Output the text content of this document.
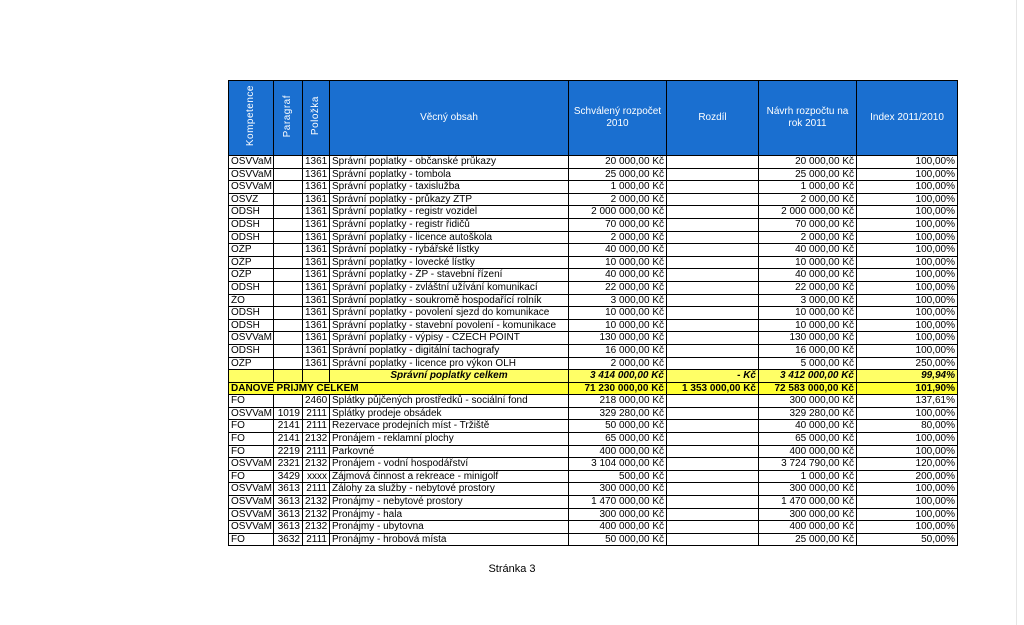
Kompetence	Paragraf	Položka	Věcný obsah	Schválený rozpočet 2010	Rozdíl	Návrh rozpočtu na rok 2011	Index 2011/2010
OSVVaM		1361	Správní poplatky - občanské průkazy	20 000,00 Kč		20 000,00 Kč	100,00%
OSVVaM		1361	Správní poplatky - tombola	25 000,00 Kč		25 000,00 Kč	100,00%
OSVVaM		1361	Správní poplatky - taxislužba	1 000,00 Kč		1 000,00 Kč	100,00%
OSVZ		1361	Správní poplatky - průkazy ZTP	2 000,00 Kč		2 000,00 Kč	100,00%
ODSH		1361	Správní poplatky - registr vozidel	2 000 000,00 Kč		2 000 000,00 Kč	100,00%
ODSH		1361	Správní poplatky - registr řidičů	70 000,00 Kč		70 000,00 Kč	100,00%
ODSH		1361	Správní poplatky - licence autoškola	2 000,00 Kč		2 000,00 Kč	100,00%
OŽP		1361	Správní poplatky - rybářské lístky	40 000,00 Kč		40 000,00 Kč	100,00%
OŽP		1361	Správní poplatky - lovecké lístky	10 000,00 Kč		10 000,00 Kč	100,00%
OŽP		1361	Správní poplatky - ŽP - stavební řízení	40 000,00 Kč		40 000,00 Kč	100,00%
ODSH		1361	Správní poplatky - zvláštní užívání komunikací	22 000,00 Kč		22 000,00 Kč	100,00%
ŽO		1361	Správní poplatky - soukromě hospodařící rolník	3 000,00 Kč		3 000,00 Kč	100,00%
ODSH		1361	Správní poplatky - povolení sjezd do komunikace	10 000,00 Kč		10 000,00 Kč	100,00%
ODSH		1361	Správní poplatky - stavební povolení - komunikace	10 000,00 Kč		10 000,00 Kč	100,00%
OSVVaM		1361	Správní poplatky - výpisy - CZECH POINT	130 000,00 Kč		130 000,00 Kč	100,00%
ODSH		1361	Správní poplatky - digitální tachografy	16 000,00 Kč		16 000,00 Kč	100,00%
OŽP		1361	Správní poplatky - licence pro výkon OLH	2 000,00 Kč		5 000,00 Kč	250,00%
			Správní poplatky celkem	3 414 000,00 Kč	- Kč	3 412 000,00 Kč	99,94%
DAŇOVÉ PŘÍJMY CELKEM				71 230 000,00 Kč	1 353 000,00 Kč	72 583 000,00 Kč	101,90%
FO		2460	Splátky půjčených prostředků - sociální fond	218 000,00 Kč		300 000,00 Kč	137,61%
OSVVaM	1019	2111	Splátky prodeje obsádek	329 280,00 Kč		329 280,00 Kč	100,00%
FO	2141	2111	Rezervace prodejních míst - Tržiště	50 000,00 Kč		40 000,00 Kč	80,00%
FO	2141	2132	Pronájem - reklamní plochy	65 000,00 Kč		65 000,00 Kč	100,00%
FO	2219	2111	Parkovné	400 000,00 Kč		400 000,00 Kč	100,00%
OSVVaM	2321	2132	Pronájem - vodní hospodářství	3 104 000,00 Kč		3 724 790,00 Kč	120,00%
FO	3429	xxxx	Zájmová činnost a rekreace - minigolf	500,00 Kč		1 000,00 Kč	200,00%
OSVVaM	3613	2111	Zálohy za služby - nebytové prostory	300 000,00 Kč		300 000,00 Kč	100,00%
OSVVaM	3613	2132	Pronájmy - nebytové prostory	1 470 000,00 Kč		1 470 000,00 Kč	100,00%
OSVVaM	3613	2132	Pronájmy - hala	300 000,00 Kč		300 000,00 Kč	100,00%
OSVVaM	3613	2132	Pronájmy - ubytovna	400 000,00 Kč		400 000,00 Kč	100,00%
FO	3632	2111	Pronájmy - hrobová místa	50 000,00 Kč		25 000,00 Kč	50,00%
Stránka 3
